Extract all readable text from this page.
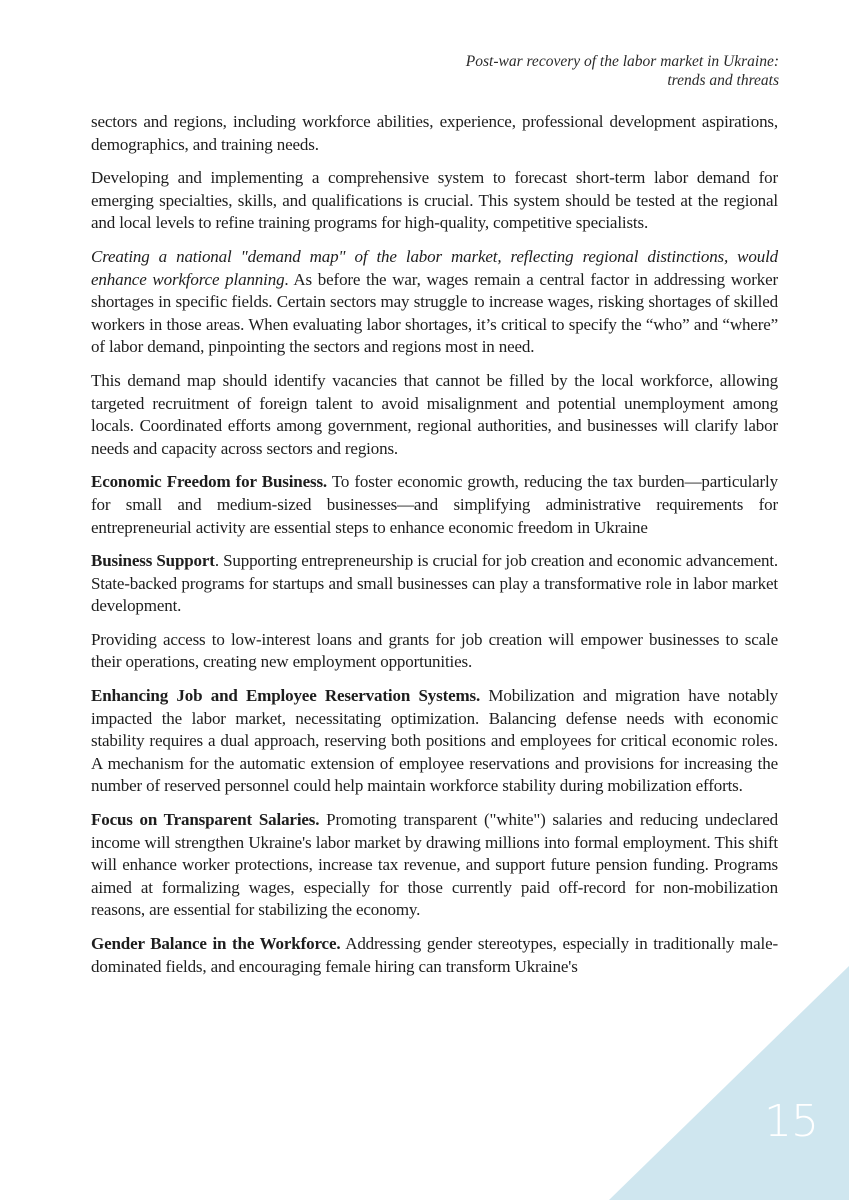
Post-war recovery of the labor market in Ukraine:
trends and threats

sectors and regions, including workforce abilities, experience, professional development aspirations, demographics, and training needs.

Developing and implementing a comprehensive system to forecast short-term labor demand for emerging specialties, skills, and qualifications is crucial. This system should be tested at the regional and local levels to refine training programs for high-quality, competitive specialists.

Creating a national "demand map" of the labor market, reflecting regional distinctions, would enhance workforce planning. As before the war, wages remain a central factor in addressing worker shortages in specific fields. Certain sectors may struggle to increase wages, risking shortages of skilled workers in those areas. When evaluating labor shortages, it’s critical to specify the “who” and “where” of labor demand, pinpointing the sectors and regions most in need.

This demand map should identify vacancies that cannot be filled by the local workforce, allowing targeted recruitment of foreign talent to avoid misalignment and potential unemployment among locals. Coordinated efforts among government, regional authorities, and businesses will clarify labor needs and capacity across sectors and regions.

Economic Freedom for Business. To foster economic growth, reducing the tax burden—particularly for small and medium-sized businesses—and simplifying administrative requirements for entrepreneurial activity are essential steps to enhance economic freedom in Ukraine

Business Support. Supporting entrepreneurship is crucial for job creation and economic advancement. State-backed programs for startups and small businesses can play a transformative role in labor market development.

Providing access to low-interest loans and grants for job creation will empower businesses to scale their operations, creating new employment opportunities.

Enhancing Job and Employee Reservation Systems. Mobilization and migration have notably impacted the labor market, necessitating optimization. Balancing defense needs with economic stability requires a dual approach, reserving both positions and employees for critical economic roles. A mechanism for the automatic extension of employee reservations and provisions for increasing the number of reserved personnel could help maintain workforce stability during mobilization efforts.

Focus on Transparent Salaries. Promoting transparent ("white") salaries and reducing undeclared income will strengthen Ukraine's labor market by drawing millions into formal employment. This shift will enhance worker protections, increase tax revenue, and support future pension funding. Programs aimed at formalizing wages, especially for those currently paid off-record for non-mobilization reasons, are essential for stabilizing the economy.

Gender Balance in the Workforce. Addressing gender stereotypes, especially in traditionally male-dominated fields, and encouraging female hiring can transform Ukraine's

15
